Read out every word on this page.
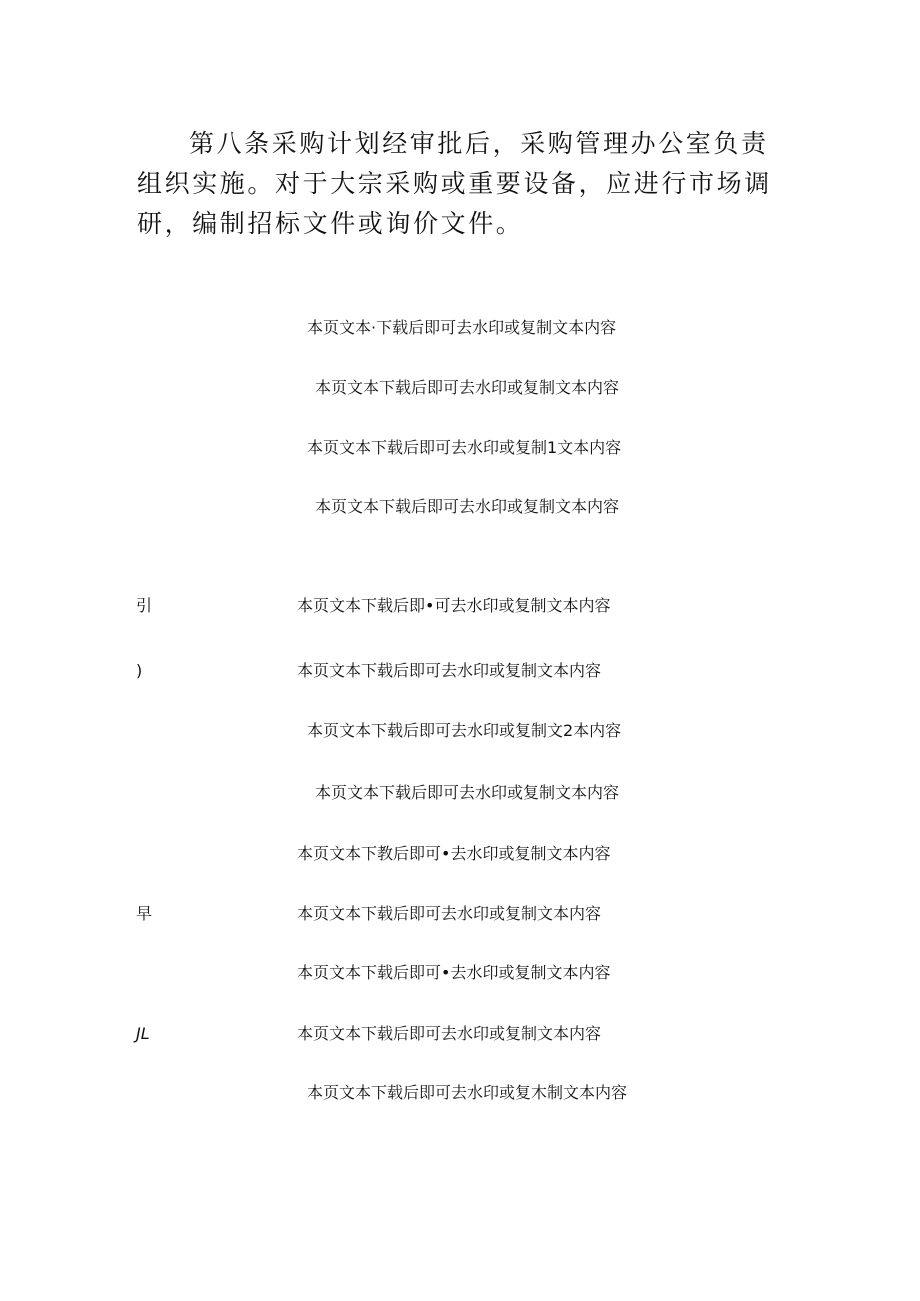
第八条采购计划经审批后，采购管理办公室负责组织实施。对于大宗采购或重要设备，应进行市场调研，编制招标文件或询价文件。

本页文本·下载后即可去水印或复制文本内容

本页文本下载后即可去水印或复制文本内容

本页文本下载后即可去水印或复制1文本内容

本页文本下载后即可去水印或复制文本内容

引	本页文本下载后即•可去水印或复制文本内容

)	本页文本下载后即可去水印或复制文本内容

本页文本下载后即可去水印或复制文2本内容

本页文本下载后即可去水印或复制文本内容

本页文本下教后即可•去水印或复制文本内容

早	本页文本下载后即可去水印或复制文本内容

本页文本下载后即可•去水印或复制文本内容

JL	本页文本下载后即可去水印或复制文本内容

本页文本下载后即可去水印或复木制文本内容
